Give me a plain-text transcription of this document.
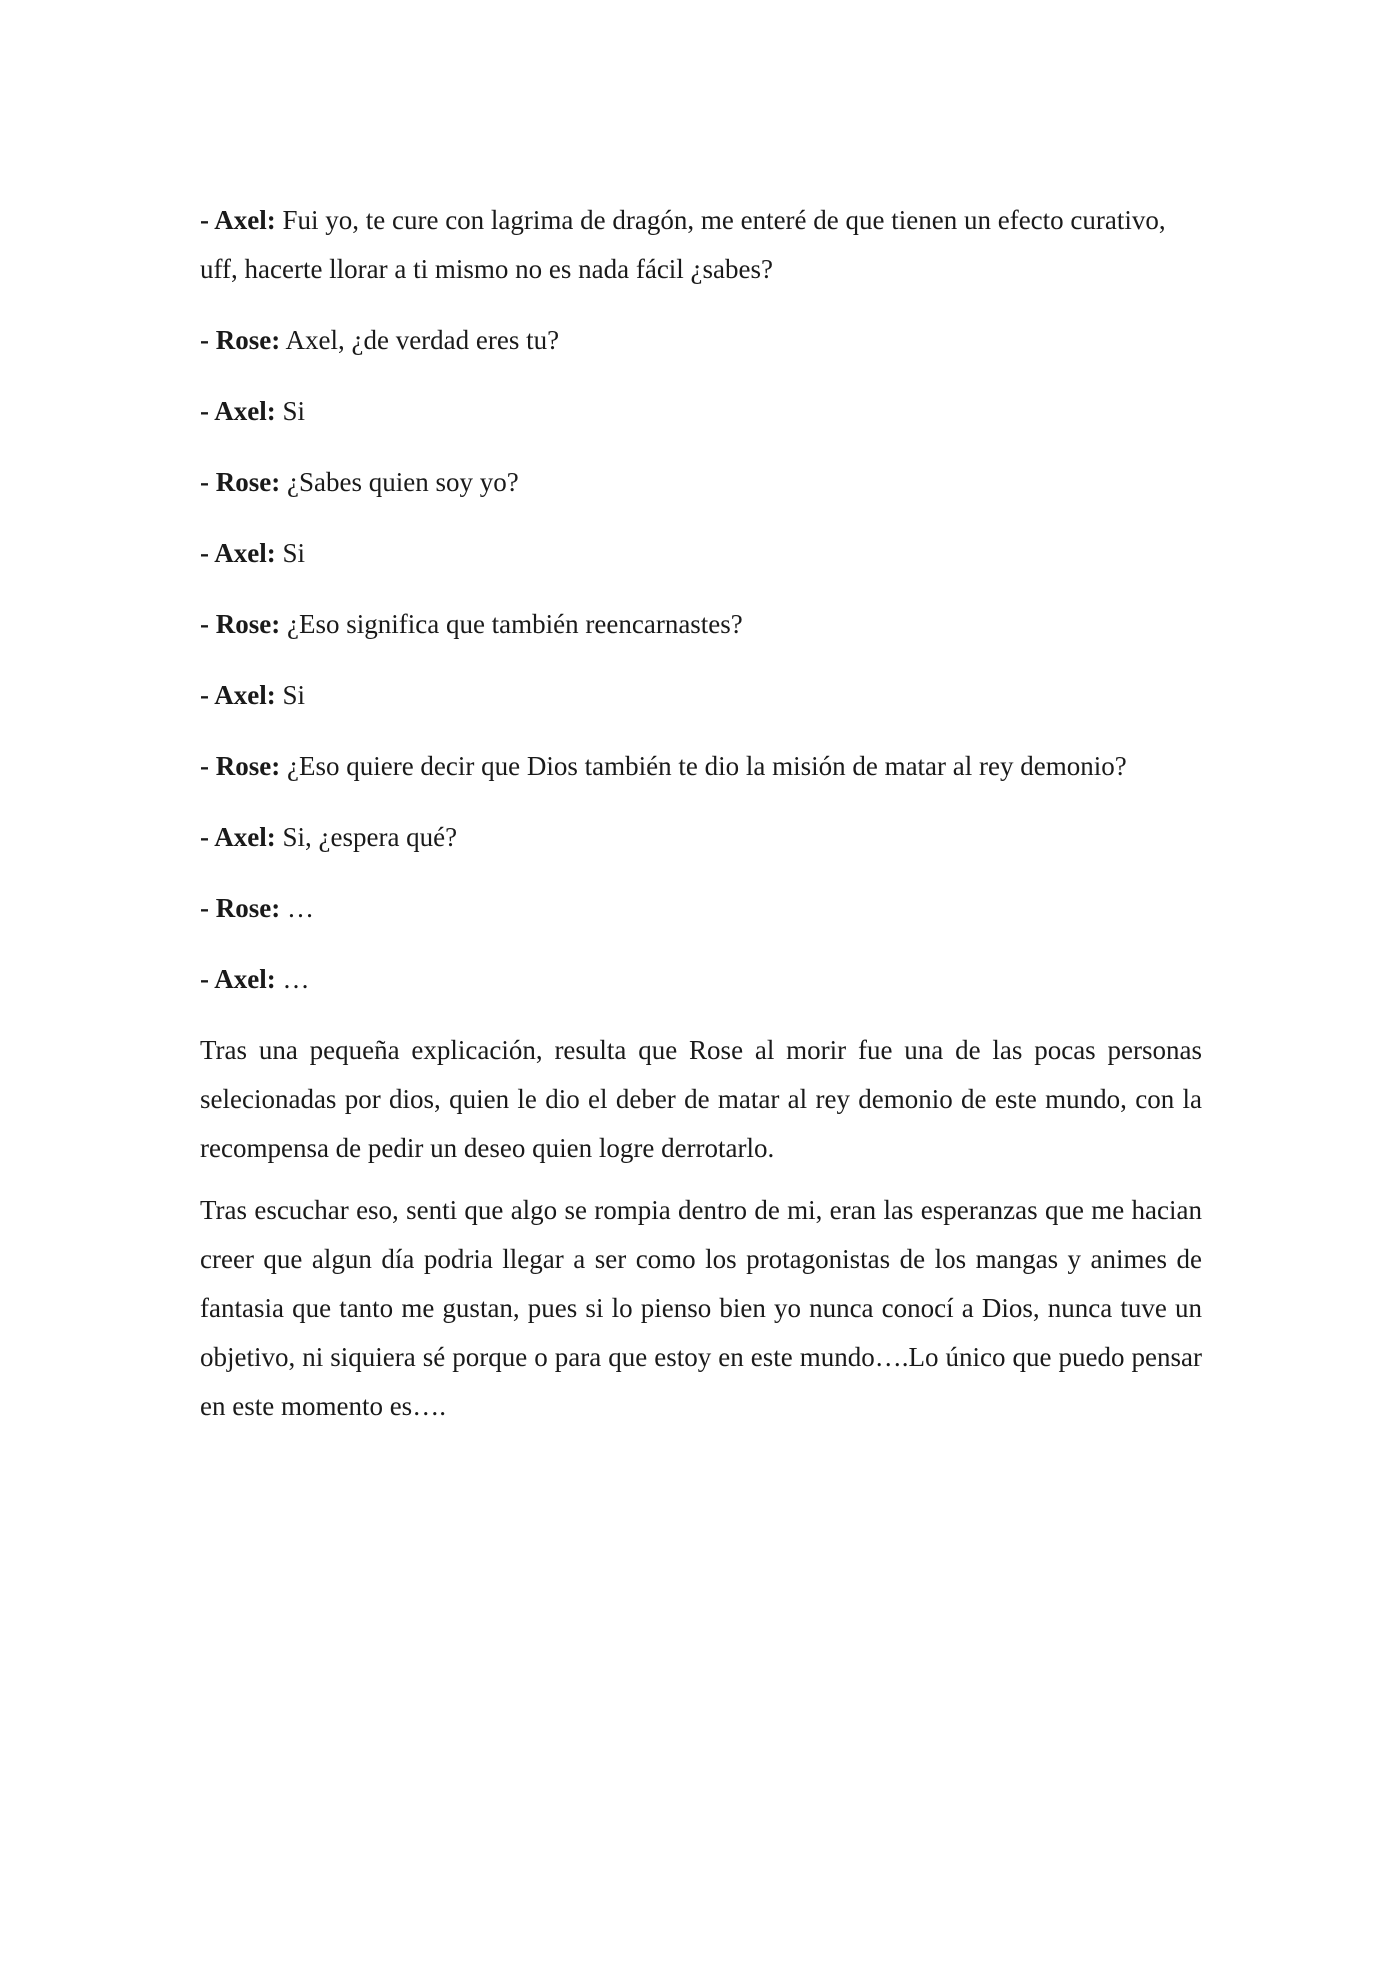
- Axel: Fui yo, te cure con lagrima de dragón, me enteré de que tienen un efecto curativo, uff, hacerte llorar a ti mismo no es nada fácil ¿sabes?

- Rose: Axel, ¿de verdad eres tu?

- Axel: Si

- Rose: ¿Sabes quien soy yo?

- Axel: Si

- Rose: ¿Eso significa que también reencarnastes?

- Axel: Si

- Rose: ¿Eso quiere decir que Dios también te dio la misión de matar al rey demonio?

- Axel: Si, ¿espera qué?

- Rose: …

- Axel: …

Tras una pequeña explicación, resulta que Rose al morir fue una de las pocas personas selecionadas por dios, quien le dio el deber de matar al rey demonio de este mundo, con la recompensa de pedir un deseo quien logre derrotarlo.

Tras escuchar eso, senti que algo se rompia dentro de mi, eran las esperanzas que me hacian creer que algun día podria llegar a ser como los protagonistas de los mangas y animes de fantasia que tanto me gustan, pues si lo pienso bien yo nunca conocí a Dios, nunca tuve un objetivo, ni siquiera sé porque o para que estoy en este mundo….Lo único que puedo pensar en este momento es….
